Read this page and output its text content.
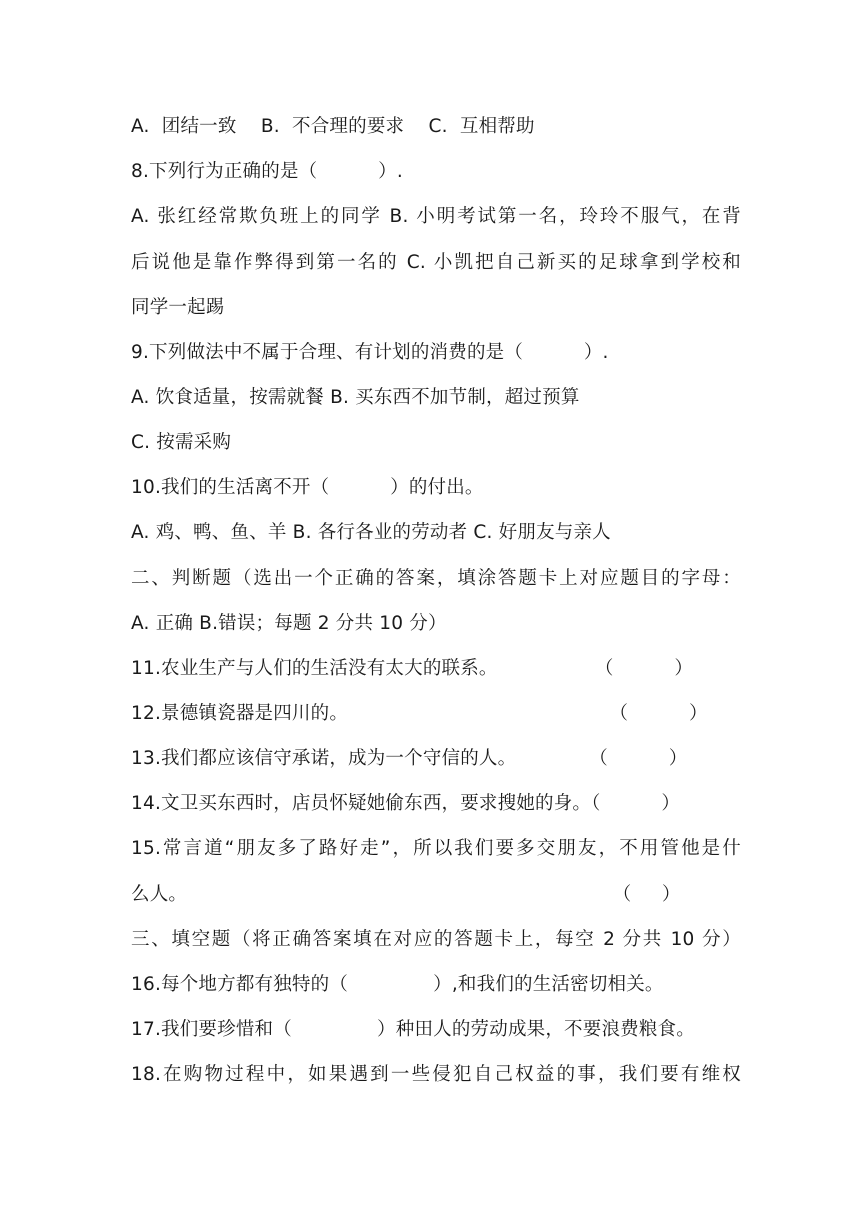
A.  团结一致    B.  不合理的要求    C.  互相帮助
8.下列行为正确的是（          ）.
A. 张红经常欺负班上的同学 B. 小明考试第一名，玲玲不服气，在背
后说他是靠作弊得到第一名的 C. 小凯把自己新买的足球拿到学校和
同学一起踢
9.下列做法中不属于合理、有计划的消费的是（          ）.
A. 饮食适量，按需就餐 B. 买东西不加节制，超过预算
C. 按需采购
10.我们的生活离不开（          ）的付出。
A. 鸡、鸭、鱼、羊 B. 各行各业的劳动者 C. 好朋友与亲人
二、判断题（选出一个正确的答案，填涂答题卡上对应题目的字母：
A. 正确 B.错误；每题 2 分共 10 分）
11.农业生产与人们的生活没有太大的联系。                （          ）
12.景德镇瓷器是四川的。                                           （          ）
13.我们都应该信守承诺，成为一个守信的人。            （          ）
14.文卫买东西时，店员怀疑她偷东西，要求搜她的身。（          ）
15.常言道“朋友多了路好走”，所以我们要多交朋友，不用管他是什
么人。                                                                      （     ）
三、填空题（将正确答案填在对应的答题卡上，每空 2 分共 10 分）
16.每个地方都有独特的（              ）,和我们的生活密切相关。
17.我们要珍惜和（              ）种田人的劳动成果，不要浪费粮食。
18.在购物过程中，如果遇到一些侵犯自己权益的事，我们要有维权
